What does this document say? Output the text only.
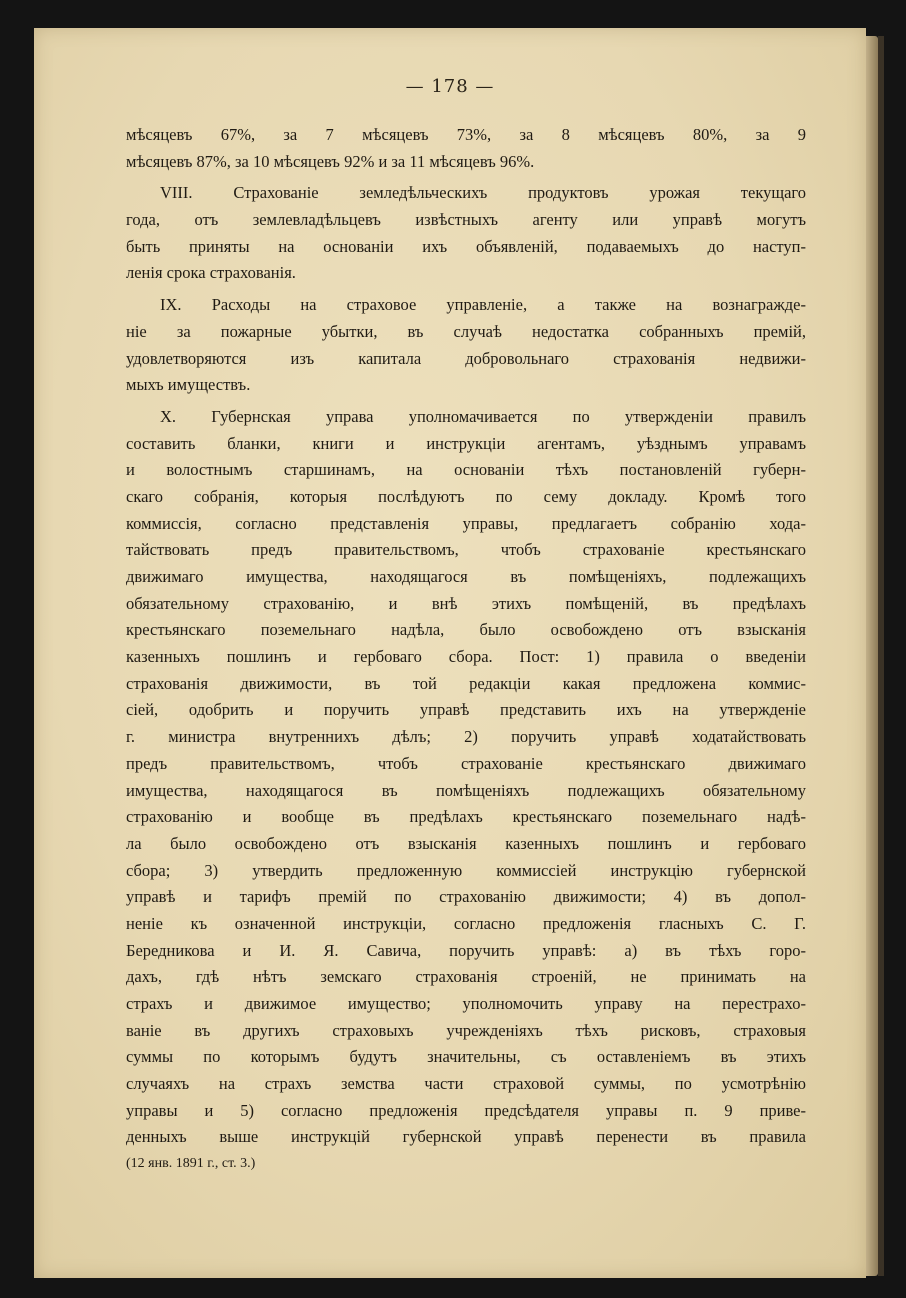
— 178 —
мѣсяцевъ 67%, за 7 мѣсяцевъ 73%, за 8 мѣсяцевъ 80%, за 9
мѣсяцевъ 87%, за 10 мѣсяцевъ 92% и за 11 мѣсяцевъ 96%.
VIII. Страхованіе земледѣльческихъ продуктовъ урожая текущаго
года, отъ землевладѣльцевъ извѣстныхъ агенту или управѣ могутъ
быть приняты на основаніи ихъ объявленій, подаваемыхъ до наступ-
ленія срока страхованія.
IX. Расходы на страховое управленіе, а также на вознагражде-
ніе за пожарные убытки, въ случаѣ недостатка собранныхъ премій,
удовлетворяются изъ капитала добровольнаго страхованія недвижи-
мыхъ имуществъ.
X. Губернская управа уполномачивается по утвержденіи правилъ
составить бланки, книги и инструкціи агентамъ, уѣзднымъ управамъ
и волостнымъ старшинамъ, на основаніи тѣхъ постановленій губерн-
скаго собранія, которыя послѣдуютъ по сему докладу. Кромѣ того
коммиссія, согласно представленія управы, предлагаетъ собранію хода-
тайствовать предъ правительствомъ, чтобъ страхованіе крестьянскаго
движимаго имущества, находящагося въ помѣщеніяхъ, подлежащихъ
обязательному страхованію, и внѣ этихъ помѣщеній, въ предѣлахъ
крестьянскаго поземельнаго надѣла, было освобождено отъ взысканія
казенныхъ пошлинъ и гербоваго сбора. Пост: 1) правила о введеніи
страхованія движимости, въ той редакціи какая предложена коммис-
сіей, одобрить и поручить управѣ представить ихъ на утвержденіе
г. министра внутреннихъ дѣлъ; 2) поручить управѣ ходатайствовать
предъ правительствомъ, чтобъ страхованіе крестьянскаго движимаго
имущества, находящагося въ помѣщеніяхъ подлежащихъ обязательному
страхованію и вообще въ предѣлахъ крестьянскаго поземельнаго надѣ-
ла было освобождено отъ взысканія казенныхъ пошлинъ и гербоваго
сбора; 3) утвердить предложенную коммиссіей инструкцію губернской
управѣ и тарифъ премій по страхованію движимости; 4) въ допол-
неніе къ означенной инструкціи, согласно предложенія гласныхъ С. Г.
Бередникова и И. Я. Савича, поручить управѣ: а) въ тѣхъ горо-
дахъ, гдѣ нѣтъ земскаго страхованія строеній, не принимать на
страхъ и движимое имущество; уполномочить управу на перестрахо-
ваніе въ другихъ страховыхъ учрежденіяхъ тѣхъ рисковъ, страховыя
суммы по которымъ будутъ значительны, съ оставленіемъ въ этихъ
случаяхъ на страхъ земства части страховой суммы, по усмотрѣнію
управы и 5) согласно предложенія предсѣдателя управы п. 9 приве-
денныхъ выше инструкцій губернской управѣ перенести въ правила
(12 янв. 1891 г., ст. 3.)
